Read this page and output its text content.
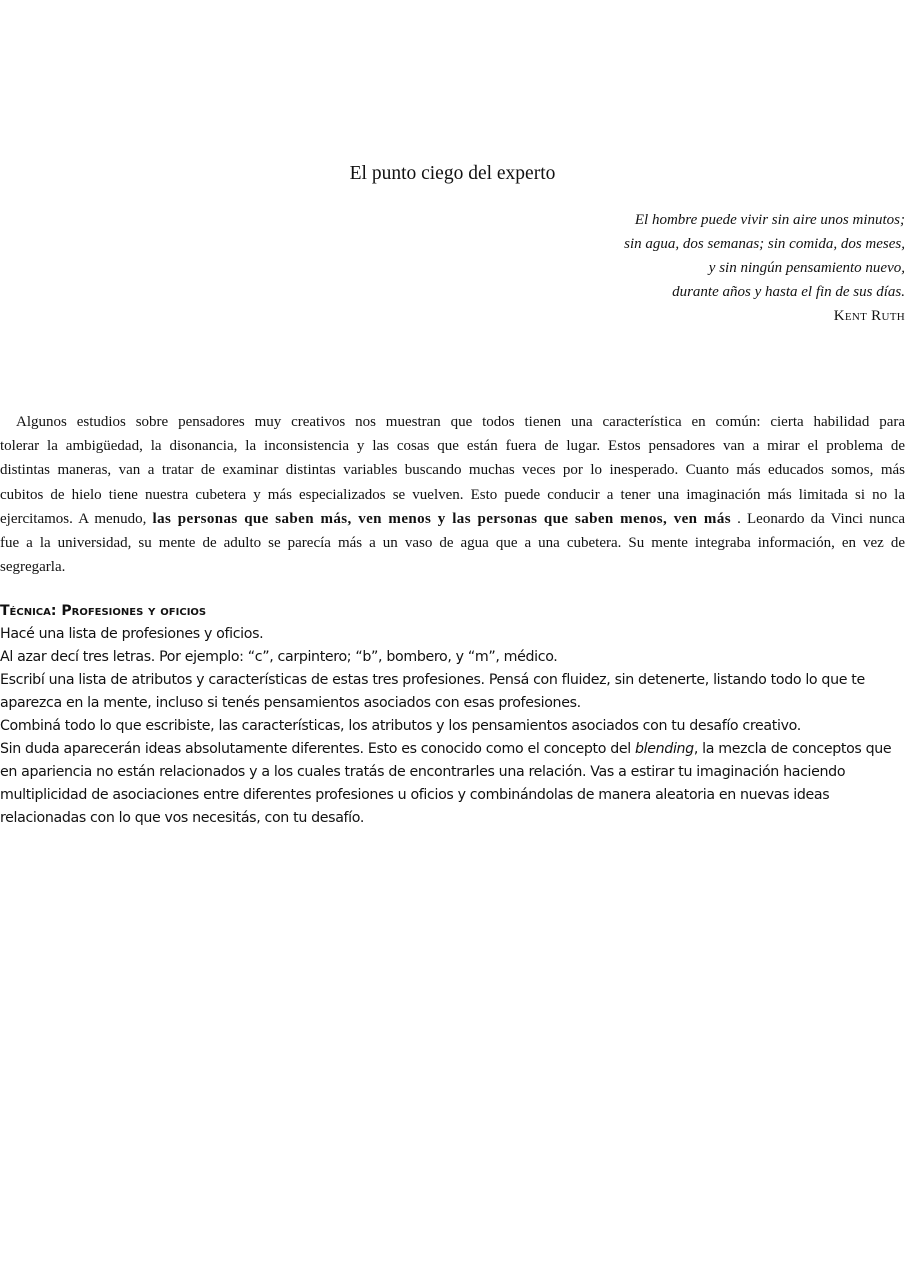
El punto ciego del experto
El hombre puede vivir sin aire unos minutos;
sin agua, dos semanas; sin comida, dos meses,
y sin ningún pensamiento nuevo,
durante años y hasta el fin de sus días.
Kent Ruth
Algunos estudios sobre pensadores muy creativos nos muestran que todos tienen una característica en común: cierta habilidad para
tolerar la ambigüedad, la disonancia, la inconsistencia y las cosas que están fuera de lugar. Estos pensadores van a mirar el problema de
distintas maneras, van a tratar de examinar distintas variables buscando muchas veces por lo inesperado. Cuanto más educados somos, más
cubitos de hielo tiene nuestra cubetera y más especializados se vuelven. Esto puede conducir a tener una imaginación más limitada si no la
ejercitamos. A menudo, las personas que saben más, ven menos y las personas que saben menos, ven más . Leonardo da Vinci nunca
fue a la universidad, su mente de adulto se parecía más a un vaso de agua que a una cubetera. Su mente integraba información, en vez de
segregarla.
Técnica: Profesiones y oficios
Hacé una lista de profesiones y oficios.
Al azar decí tres letras. Por ejemplo: “c”, carpintero; “b”, bombero, y “m”, médico.
Escribí una lista de atributos y características de estas tres profesiones. Pensá con fluidez, sin detenerte, listando todo lo que te
aparezca en la mente, incluso si tenés pensamientos asociados con esas profesiones.
Combiná todo lo que escribiste, las características, los atributos y los pensamientos asociados con tu desafío creativo.
Sin duda aparecerán ideas absolutamente diferentes. Esto es conocido como el concepto del blending, la mezcla de conceptos que
en apariencia no están relacionados y a los cuales tratás de encontrarles una relación. Vas a estirar tu imaginación haciendo
multiplicidad de asociaciones entre diferentes profesiones u oficios y combinándolas de manera aleatoria en nuevas ideas
relacionadas con lo que vos necesitás, con tu desafío.
